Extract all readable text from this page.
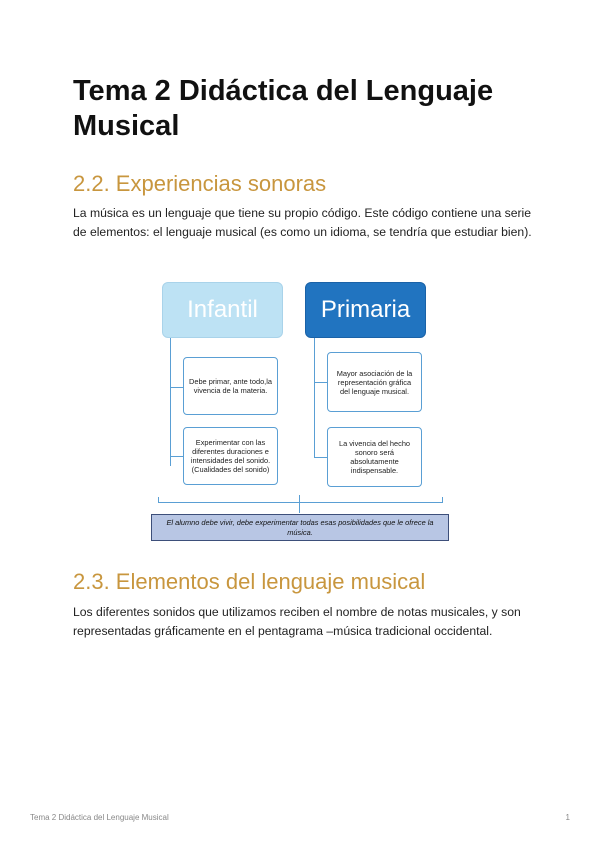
Tema 2 Didáctica del Lenguaje Musical
2.2. Experiencias sonoras

La música es un lenguaje que tiene su propio código. Este código contiene una serie de elementos: el lenguaje musical (es como un idioma, se tendría que estudiar bien).

Infantil	Primaria
Debe primar, ante todo,la vivencia de la materia.
Experimentar con las diferentes duraciones e intensidades del sonido. (Cualidades del sonido)
Mayor asociación de la representación gráfica del lenguaje musical.
La vivencia del hecho sonoro será absolutamente indispensable.
El alumno debe vivir, debe experimentar todas esas posibilidades que le ofrece la música.
2.3. Elementos del lenguaje musical

Los diferentes sonidos que utilizamos reciben el nombre de notas musicales, y son representadas gráficamente en el pentagrama –música tradicional occidental.

Tema 2 Didáctica del Lenguaje Musical	1
